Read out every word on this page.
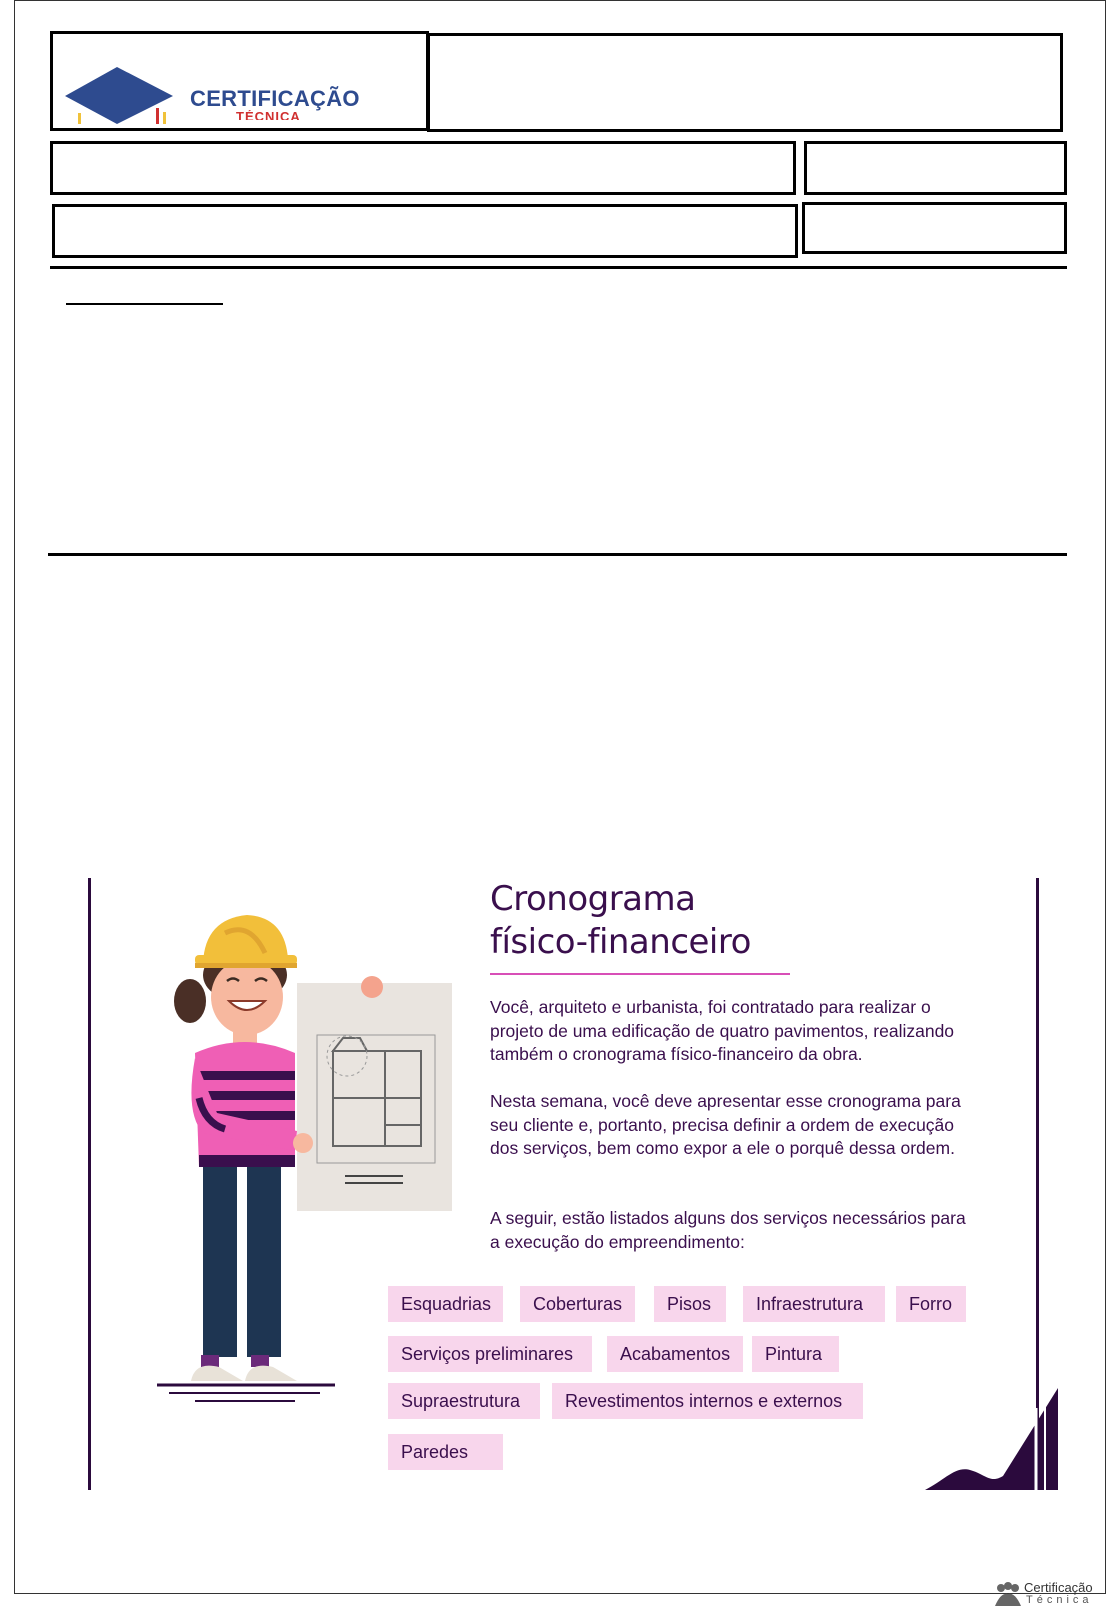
CERTIFICAÇÃO
TÉCNICA
Cronograma
físico-financeiro

Você, arquiteto e urbanista, foi contratado para realizar o projeto de uma edificação de quatro pavimentos, realizando também o cronograma físico-financeiro da obra.

Nesta semana, você deve apresentar esse cronograma para seu cliente e, portanto, precisa definir a ordem de execução dos serviços, bem como expor a ele o porquê dessa ordem.

A seguir, estão listados alguns dos serviços necessários para a execução do empreendimento:

Esquadrias	Coberturas	Pisos	Infraestrutura	Forro
Serviços preliminares	Acabamentos	Pintura
Supraestrutura	Revestimentos internos e externos
Paredes
Certificação
Técnica
